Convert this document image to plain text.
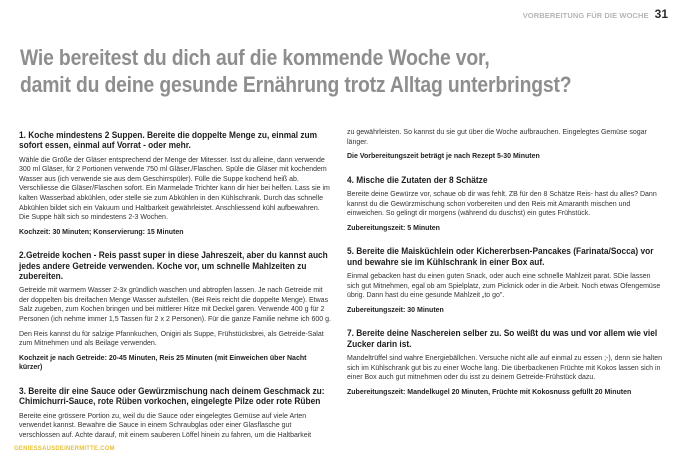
VORBEREITUNG FÜR DIE WOCHE 31
Wie bereitest du dich auf die kommende Woche vor,
damit du deine gesunde Ernährung trotz Alltag unterbringst?
1. Koche mindestens 2 Suppen. Bereite die doppelte Menge zu, einmal zum sofort essen, einmal auf Vorrat - oder mehr.

Wähle die Größe der Gläser entsprechend der Menge der Mitesser. Isst du alleine, dann verwende 300 ml Gläser, für 2 Portionen verwende 750 ml Gläser./Flaschen. Spüle die Gläser mit kochendem Wasser aus (ich verwende sie aus dem Geschirrspüler). Fülle die Suppe kochend heiß ab. Verschliesse die Gläser/Flaschen sofort. Ein Marmelade Trichter kann dir hier bei helfen. Lass sie im kalten Wasserbad abkühlen, oder stelle sie zum Abkühlen in den Kühlschrank. Durch das schnelle Abkühlen bildet sich ein Vakuum und Haltbarkeit gewährleistet. Anschliessend kühl aufbewahren. Die Suppe hält sich so mindestens 2-3 Wochen.

Kochzeit: 30 Minuten; Konservierung: 15 Minuten

2.Getreide kochen - Reis passt super in diese Jahreszeit, aber du kannst auch jedes andere Getreide verwenden. Koche vor, um schnelle Mahlzeiten zu zubereiten.

Getreide mit warmem Wasser 2-3x gründlich waschen und abtropfen lassen. Je nach Getreide mit der doppelten bis dreifachen Menge Wasser aufstellen. (Bei Reis reicht die doppelte Menge). Etwas Salz zugeben, zum Kochen bringen und bei mittlerer Hitze mit Deckel garen. Verwende 400 g für 2 Personen (ich nehme immer 1,5 Tassen für 2 x 2 Personen). Für die ganze Familie nehme ich 600 g.

Den Reis kannst du für salzige Pfannkuchen, Onigiri als Suppe, Frühstücksbrei, als Getreide-Salat zum Mitnehmen und als Beilage verwenden.

Kochzeit je nach Getreide: 20-45 Minuten, Reis 25 Minuten (mit Einweichen über Nacht kürzer)

3. Bereite dir eine Sauce oder Gewürzmischung nach deinem Geschmack zu: Chimichurri-Sauce, rote Rüben vorkochen, eingelegte Pilze oder rote Rüben

Bereite eine grössere Portion zu, weil du die Sauce oder eingelegtes Gemüse auf viele Arten verwendet kannst. Bewahre die Sauce in einem Schraubglas oder einer Glasflasche gut verschlossen auf. Achte darauf, mit einem sauberen Löffel hinein zu fahren, um die Haltbarkeit

zu gewährleisten. So kannst du sie gut über die Woche aufbrauchen. Eingelegtes Gemüse sogar länger.

Die Vorbereitungszeit beträgt je nach Rezept 5-30 Minuten

4. Mische die Zutaten der 8 Schätze

Bereite deine Gewürze vor, schaue ob dir was fehlt. ZB für den 8 Schätze Reis- hast du alles? Dann kannst du die Gewürzmischung schon vorbereiten und den Reis mit Amaranth mischen und einweichen. So gelingt dir morgens (während du duschst) ein gutes Frühstück.

Zubereitungszeit: 5 Minuten

5. Bereite die Maisküchlein oder Kichererbsen-Pancakes (Farinata/Socca) vor und bewahre sie im Kühlschrank in einer Box auf.

Einmal gebacken hast du einen guten Snack, oder auch eine schnelle Mahlzeit parat. SDie lassen sich gut Mitnehmen, egal ob am Spielplatz, zum Picknick oder in die Arbeit. Noch etwas Ofengemüse übrig. Dann hast du eine gesunde Mahlzeit „to go".

Zubereitungszeit: 30 Minuten

7. Bereite deine Naschereien selber zu. So weißt du was und vor allem wie viel Zucker darin ist.

Mandeltrüffel sind wahre Energiebällchen. Versuche nicht alle auf einmal zu essen ;-), denn sie halten sich im Kühlschrank gut bis zu einer Woche lang. Die überbackenen Früchte mit Kokos lassen sich in einer Box auch gut mitnehmen oder du isst zu deinem Getreide-Frühstück dazu.

Zubereitungszeit: Mandelkugel 20 Minuten, Früchte mit Kokosnuss gefüllt 20 Minuten

GENIESSAUSDEINERMITTE.COM
